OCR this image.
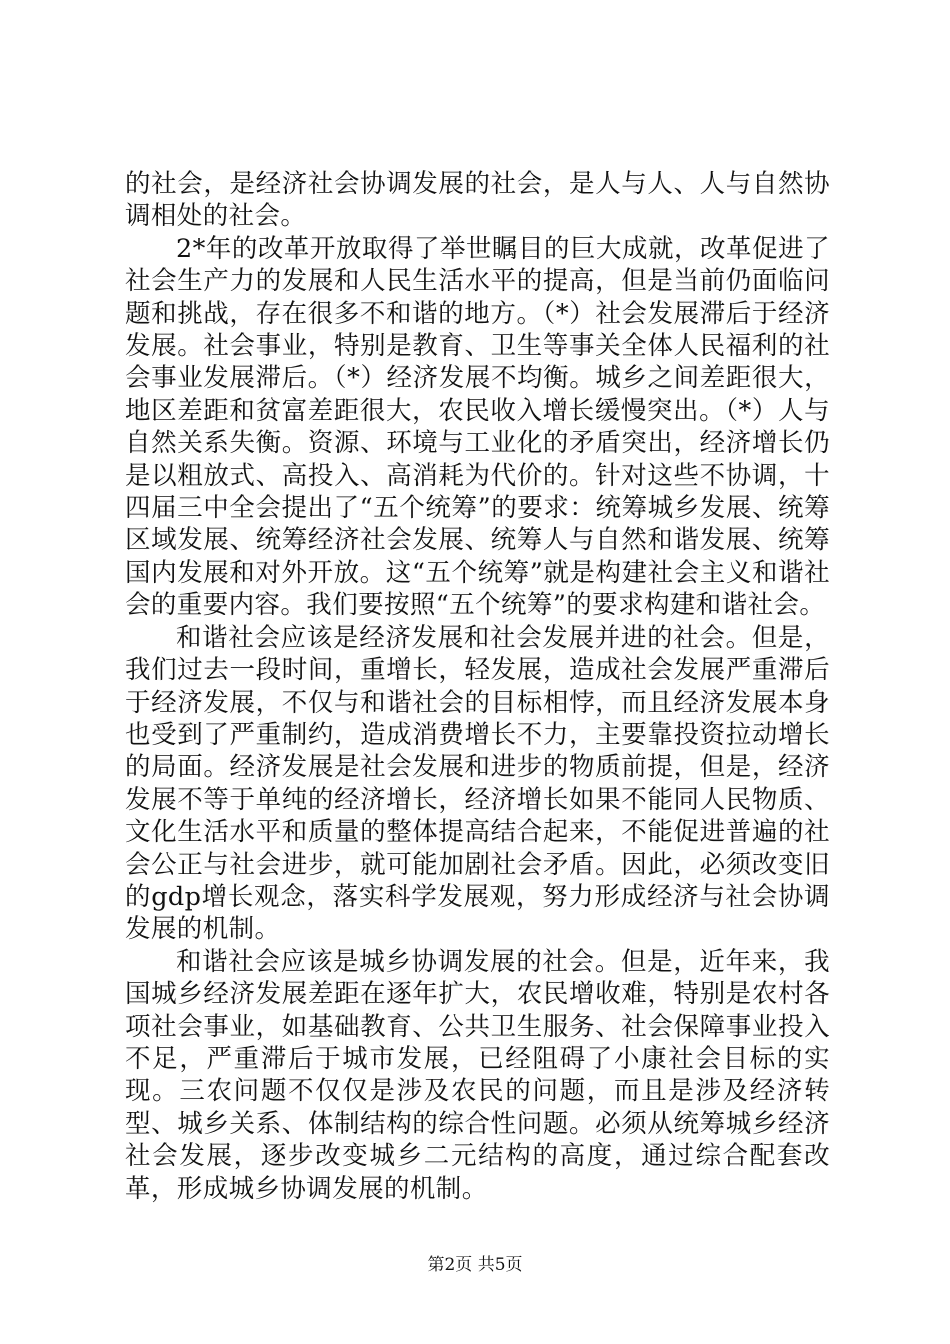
的社会，是经济社会协调发展的社会，是人与人、人与自然协调相处的社会。

2*年的改革开放取得了举世瞩目的巨大成就，改革促进了社会生产力的发展和人民生活水平的提高，但是当前仍面临问题和挑战，存在很多不和谐的地方。（*）社会发展滞后于经济发展。社会事业，特别是教育、卫生等事关全体人民福利的社会事业发展滞后。（*）经济发展不均衡。城乡之间差距很大，地区差距和贫富差距很大，农民收入增长缓慢突出。（*）人与自然关系失衡。资源、环境与工业化的矛盾突出，经济增长仍是以粗放式、高投入、高消耗为代价的。针对这些不协调，十四届三中全会提出了“五个统筹”的要求：统筹城乡发展、统筹区域发展、统筹经济社会发展、统筹人与自然和谐发展、统筹国内发展和对外开放。这“五个统筹”就是构建社会主义和谐社会的重要内容。我们要按照“五个统筹”的要求构建和谐社会。

和谐社会应该是经济发展和社会发展并进的社会。但是，我们过去一段时间，重增长，轻发展，造成社会发展严重滞后于经济发展，不仅与和谐社会的目标相悖，而且经济发展本身也受到了严重制约，造成消费增长不力，主要靠投资拉动增长的局面。经济发展是社会发展和进步的物质前提，但是，经济发展不等于单纯的经济增长，经济增长如果不能同人民物质、文化生活水平和质量的整体提高结合起来，不能促进普遍的社会公正与社会进步，就可能加剧社会矛盾。因此，必须改变旧的gdp增长观念，落实科学发展观，努力形成经济与社会协调发展的机制。

和谐社会应该是城乡协调发展的社会。但是，近年来，我国城乡经济发展差距在逐年扩大，农民增收难，特别是农村各项社会事业，如基础教育、公共卫生服务、社会保障事业投入不足，严重滞后于城市发展，已经阻碍了小康社会目标的实现。三农问题不仅仅是涉及农民的问题，而且是涉及经济转型、城乡关系、体制结构的综合性问题。必须从统筹城乡经济社会发展，逐步改变城乡二元结构的高度，通过综合配套改革，形成城乡协调发展的机制。

第2页 共5页
